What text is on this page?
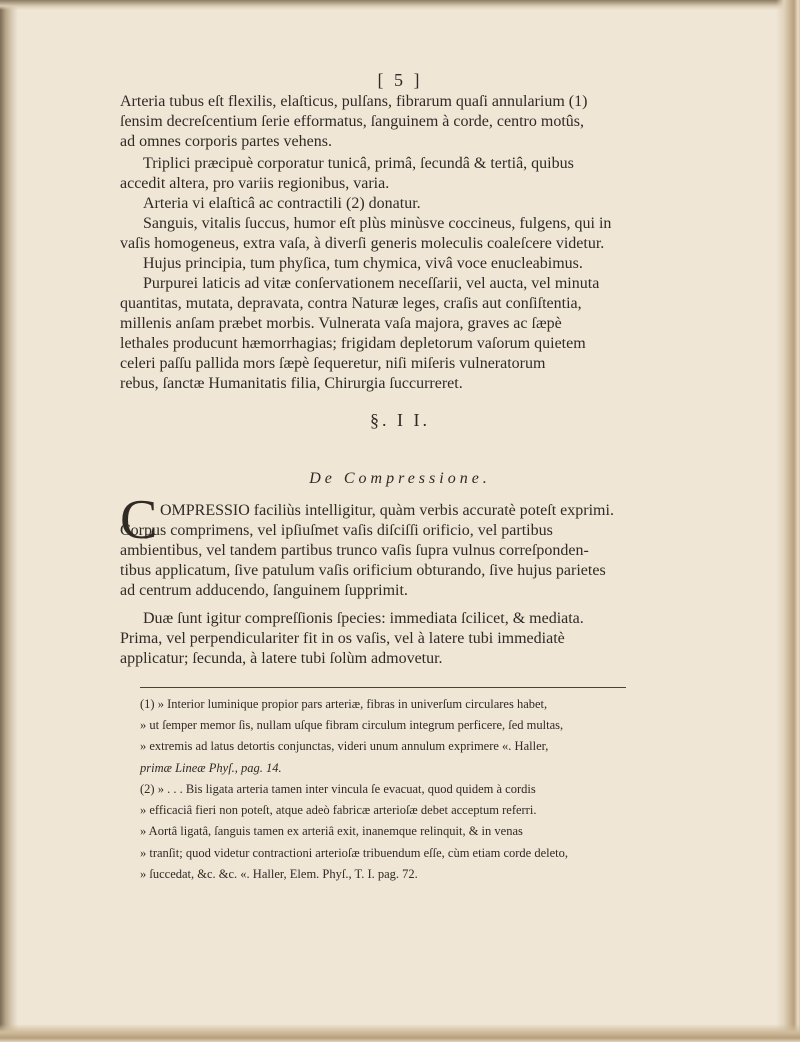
[ 5 ]
Arteria tubus eſt flexilis, elaſticus, pulſans, fibrarum quaſi annularium (1)
ſensim decreſcentium ſerie efformatus, ſanguinem à corde, centro motûs,
ad omnes corporis partes vehens.
Triplici præcipuè corporatur tunicâ, primâ, ſecundâ & tertiâ, quibus
accedit altera, pro variis regionibus, varia.
Arteria vi elaſticâ ac contractili (2) donatur.
Sanguis, vitalis ſuccus, humor eſt plùs minùsve coccineus, fulgens, qui in
vaſis homogeneus, extra vaſa, à diverſi generis moleculis coaleſcere videtur.
Hujus principia, tum phyſica, tum chymica, vivâ voce enucleabimus.
Purpurei laticis ad vitæ conſervationem neceſſarii, vel aucta, vel minuta
quantitas, mutata, depravata, contra Naturæ leges, craſis aut conſiſtentia,
millenis anſam præbet morbis. Vulnerata vaſa majora, graves ac ſæpè
lethales producunt hæmorrhagias; frigidam depletorum vaſorum quietem
celeri paſſu pallida mors ſæpè ſequeretur, niſi miſeris vulneratorum
rebus, ſanctæ Humanitatis filia, Chirurgia ſuccurreret.
§. I I.
De Compressione.
C OMPRESSIO faciliùs intelligitur, quàm verbis accuratè poteſt exprimi.
Corpus comprimens, vel ipſiuſmet vaſis diſciſſi orificio, vel partibus
ambientibus, vel tandem partibus trunco vaſis ſupra vulnus correſponden-
tibus applicatum, ſive patulum vaſis orificium obturando, ſive hujus parietes
ad centrum adducendo, ſanguinem ſupprimit.
Duæ ſunt igitur compreſſionis ſpecies: immediata ſcilicet, & mediata.
Prima, vel perpendiculariter fit in os vaſis, vel à latere tubi immediatè
applicatur; ſecunda, à latere tubi ſolùm admovetur.
(1) » Interior luminique propior pars arteriæ, fibras in univerſum circulares habet,
» ut ſemper memor ſis, nullam uſque fibram circulum integrum perficere, ſed multas,
» extremis ad latus detortis conjunctas, videri unum annulum exprimere «. Haller,
primæ Lineæ Phyſ., pag. 14.
(2) » . . . Bis ligata arteria tamen inter vincula ſe evacuat, quod quidem à cordis
» efficaciâ fieri non poteſt, atque adeò fabricæ arterioſæ debet acceptum referri.
» Aortâ ligatâ, ſanguis tamen ex arteriâ exit, inanemque relinquit, & in venas
» tranſit; quod videtur contractioni arterioſæ tribuendum eſſe, cùm etiam corde deleto,
» ſuccedat, &c. &c. «. Haller, Elem. Phyſ., T. I. pag. 72.
